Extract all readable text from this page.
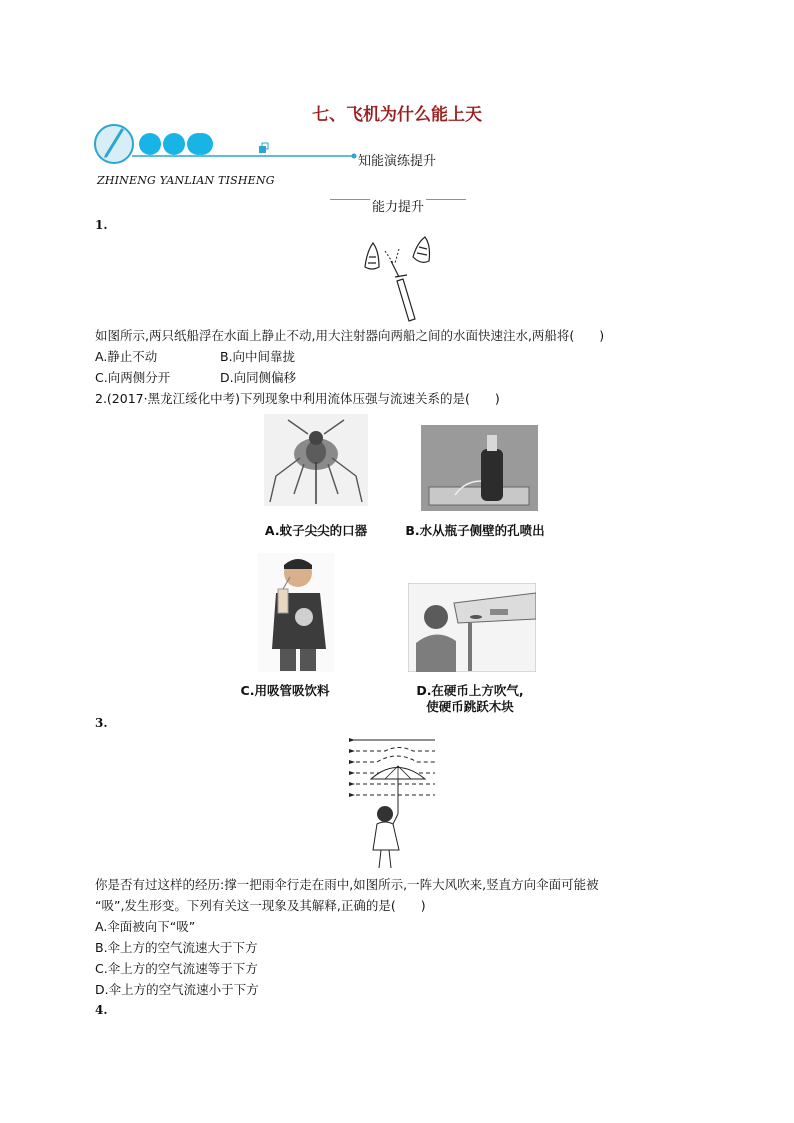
七、飞机为什么能上天
知能演练提升
ZHINENG YANLIAN TISHENG
能力提升
1.
如图所示,两只纸船浮在水面上静止不动,用大注射器向两船之间的水面快速注水,两船将(　　)
A.静止不动	B.向中间靠拢
C.向两侧分开	D.向同侧偏移
2.(2017·黑龙江绥化中考)下列现象中利用流体压强与流速关系的是(　　)
A.蚊子尖尖的口器	B.水从瓶子侧壁的孔喷出
C.用吸管吸饮料	D.在硬币上方吹气,
使硬币跳跃木块
3.
你是否有过这样的经历:撑一把雨伞行走在雨中,如图所示,一阵大风吹来,竖直方向伞面可能被
“吸”,发生形变。下列有关这一现象及其解释,正确的是(　　)
A.伞面被向下“吸”
B.伞上方的空气流速大于下方
C.伞上方的空气流速等于下方
D.伞上方的空气流速小于下方
4.
